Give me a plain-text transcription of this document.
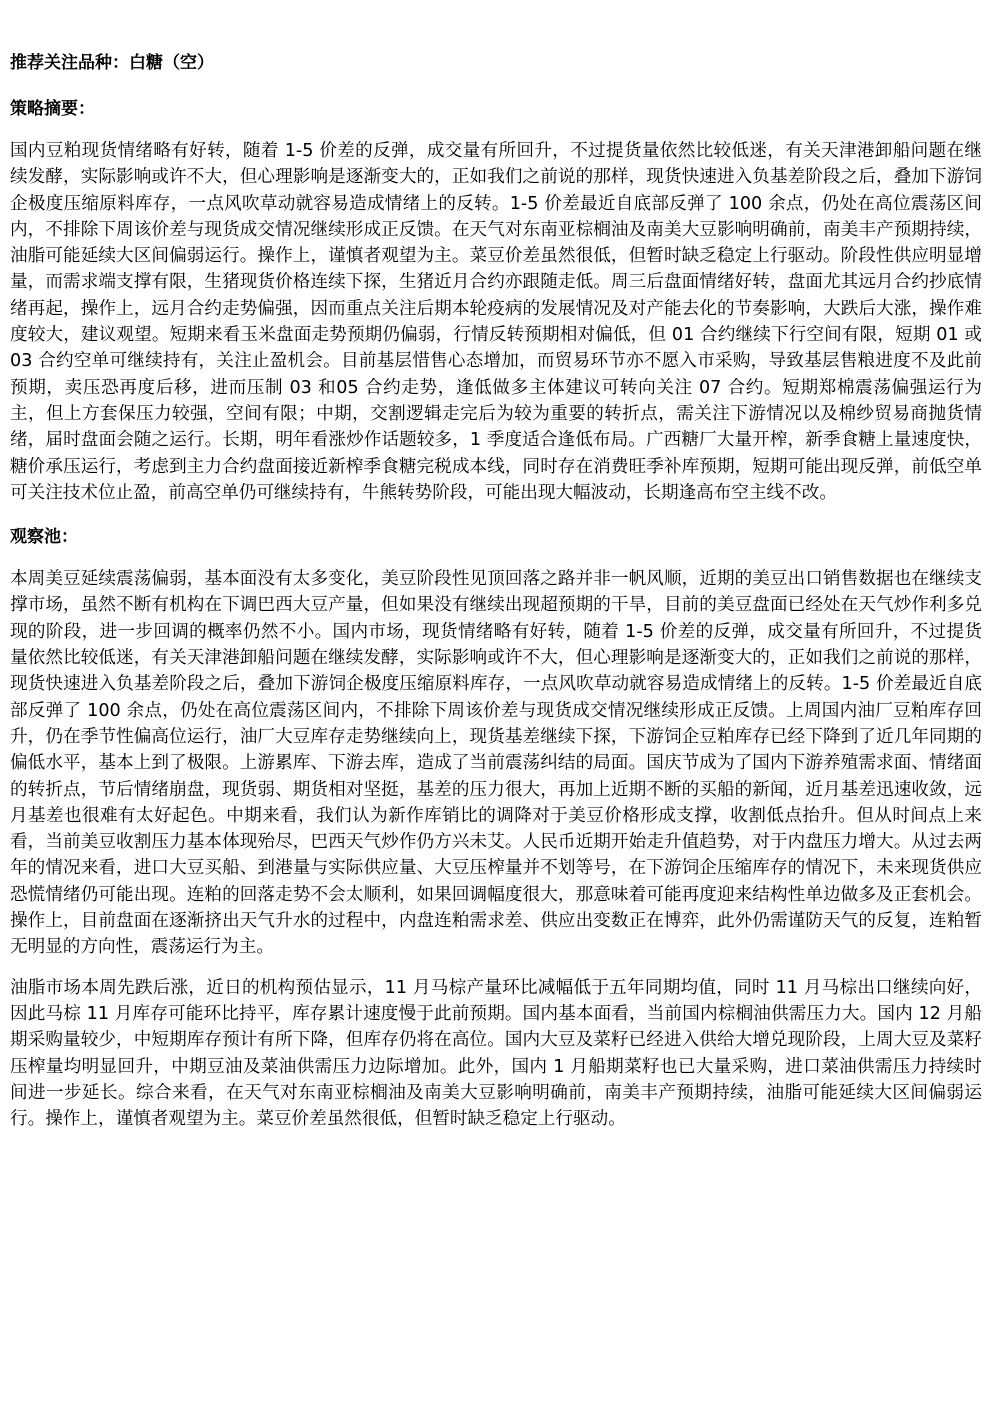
推荐关注品种：白糖（空）

策略摘要：

国内豆粕现货情绪略有好转，随着 1-5 价差的反弹，成交量有所回升，不过提货量依然比较低迷，有关天津港卸船问题在继续发酵，实际影响或许不大，但心理影响是逐渐变大的，正如我们之前说的那样，现货快速进入负基差阶段之后，叠加下游饲企极度压缩原料库存，一点风吹草动就容易造成情绪上的反转。1-5 价差最近自底部反弹了 100 余点，仍处在高位震荡区间内，不排除下周该价差与现货成交情况继续形成正反馈。在天气对东南亚棕榈油及南美大豆影响明确前，南美丰产预期持续，油脂可能延续大区间偏弱运行。操作上，谨慎者观望为主。菜豆价差虽然很低，但暂时缺乏稳定上行驱动。阶段性供应明显增量，而需求端支撑有限，生猪现货价格连续下探，生猪近月合约亦跟随走低。周三后盘面情绪好转，盘面尤其远月合约抄底情绪再起，操作上，远月合约走势偏强，因而重点关注后期本轮疫病的发展情况及对产能去化的节奏影响，大跌后大涨，操作难度较大，建议观望。短期来看玉米盘面走势预期仍偏弱，行情反转预期相对偏低，但 01 合约继续下行空间有限，短期 01 或 03 合约空单可继续持有，关注止盈机会。目前基层惜售心态增加，而贸易环节亦不愿入市采购，导致基层售粮进度不及此前预期，卖压恐再度后移，进而压制 03 和05 合约走势，逢低做多主体建议可转向关注 07 合约。短期郑棉震荡偏强运行为主，但上方套保压力较强，空间有限；中期，交割逻辑走完后为较为重要的转折点，需关注下游情况以及棉纱贸易商抛货情绪，届时盘面会随之运行。长期，明年看涨炒作话题较多，1 季度适合逢低布局。广西糖厂大量开榨，新季食糖上量速度快，糖价承压运行，考虑到主力合约盘面接近新榨季食糖完税成本线，同时存在消费旺季补库预期，短期可能出现反弹，前低空单可关注技术位止盈，前高空单仍可继续持有，牛熊转势阶段，可能出现大幅波动，长期逢高布空主线不改。

观察池：

本周美豆延续震荡偏弱，基本面没有太多变化，美豆阶段性见顶回落之路并非一帆风顺，近期的美豆出口销售数据也在继续支撑市场，虽然不断有机构在下调巴西大豆产量，但如果没有继续出现超预期的干旱，目前的美豆盘面已经处在天气炒作利多兑现的阶段，进一步回调的概率仍然不小。国内市场，现货情绪略有好转，随着 1-5 价差的反弹，成交量有所回升，不过提货量依然比较低迷，有关天津港卸船问题在继续发酵，实际影响或许不大，但心理影响是逐渐变大的，正如我们之前说的那样，现货快速进入负基差阶段之后，叠加下游饲企极度压缩原料库存，一点风吹草动就容易造成情绪上的反转。1-5 价差最近自底部反弹了 100 余点，仍处在高位震荡区间内，不排除下周该价差与现货成交情况继续形成正反馈。上周国内油厂豆粕库存回升，仍在季节性偏高位运行，油厂大豆库存走势继续向上，现货基差继续下探，下游饲企豆粕库存已经下降到了近几年同期的偏低水平，基本上到了极限。上游累库、下游去库，造成了当前震荡纠结的局面。国庆节成为了国内下游养殖需求面、情绪面的转折点，节后情绪崩盘，现货弱、期货相对坚挺，基差的压力很大，再加上近期不断的买船的新闻，近月基差迅速收敛，远月基差也很难有太好起色。中期来看，我们认为新作库销比的调降对于美豆价格形成支撑，收割低点抬升。但从时间点上来看，当前美豆收割压力基本体现殆尽，巴西天气炒作仍方兴未艾。人民币近期开始走升值趋势，对于内盘压力增大。从过去两年的情况来看，进口大豆买船、到港量与实际供应量、大豆压榨量并不划等号，在下游饲企压缩库存的情况下，未来现货供应恐慌情绪仍可能出现。连粕的回落走势不会太顺利，如果回调幅度很大，那意味着可能再度迎来结构性单边做多及正套机会。操作上，目前盘面在逐渐挤出天气升水的过程中，内盘连粕需求差、供应出变数正在博弈，此外仍需谨防天气的反复，连粕暂无明显的方向性，震荡运行为主。

油脂市场本周先跌后涨，近日的机构预估显示，11 月马棕产量环比减幅低于五年同期均值，同时 11 月马棕出口继续向好，因此马棕 11 月库存可能环比持平，库存累计速度慢于此前预期。国内基本面看，当前国内棕榈油供需压力大。国内 12 月船期采购量较少，中短期库存预计有所下降，但库存仍将在高位。国内大豆及菜籽已经进入供给大增兑现阶段，上周大豆及菜籽压榨量均明显回升，中期豆油及菜油供需压力边际增加。此外，国内 1 月船期菜籽也已大量采购，进口菜油供需压力持续时间进一步延长。综合来看，在天气对东南亚棕榈油及南美大豆影响明确前，南美丰产预期持续，油脂可能延续大区间偏弱运行。操作上，谨慎者观望为主。菜豆价差虽然很低，但暂时缺乏稳定上行驱动。
